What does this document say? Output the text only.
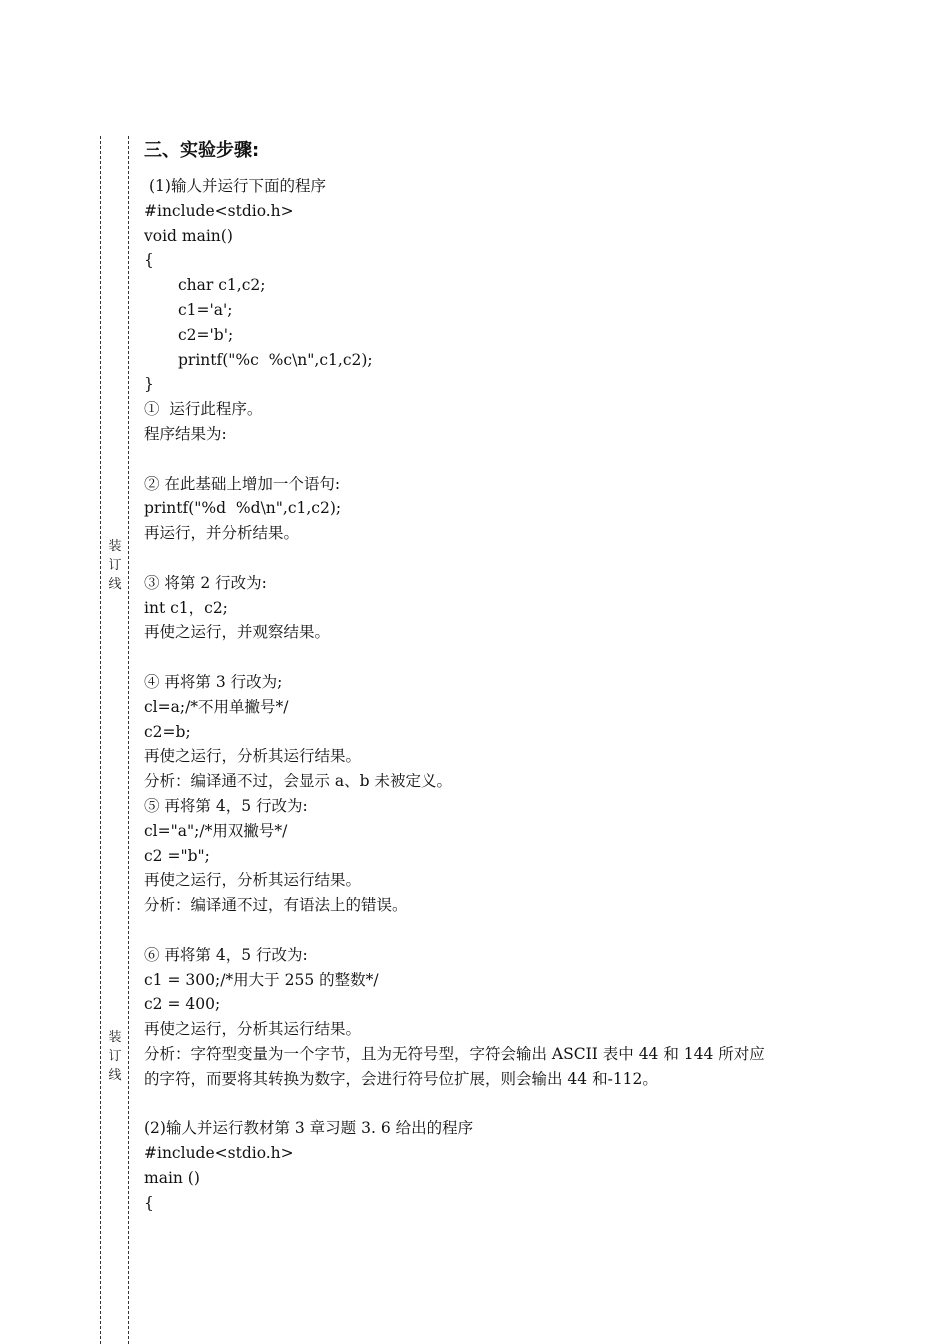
装
订
线
装
订
线
三、实验步骤:
(1)输人并运行下面的程序
#include<stdio.h>
void main()
{
char c1,c2;
c1='a';
c2='b';
printf("%c  %c\n",c1,c2);
}
①  运行此程序。
程序结果为:
② 在此基础上增加一个语句:
printf("%d  %d\n",c1,c2);
再运行，并分析结果。
③ 将第 2 行改为:
int c1，c2;
再使之运行，并观察结果。
④ 再将第 3 行改为;
cl=a;/*不用单撇号*/
c2=b;
再使之运行，分析其运行结果。
分析：编译通不过，会显示 a、b 未被定义。
⑤ 再将第 4，5 行改为:
cl="a";/*用双撇号*/
c2 ="b";
再使之运行，分析其运行结果。
分析：编译通不过，有语法上的错误。
⑥ 再将第 4，5 行改为:
c1 = 300;/*用大于 255 的整数*/
c2 = 400;
再使之运行，分析其运行结果。
分析：字符型变量为一个字节，且为无符号型，字符会输出 ASCII 表中 44 和 144 所对应
的字符，而要将其转换为数字，会进行符号位扩展，则会输出 44 和-112。
(2)输人并运行教材第 3 章习题 3. 6 给出的程序
#include<stdio.h>
main ()
{
